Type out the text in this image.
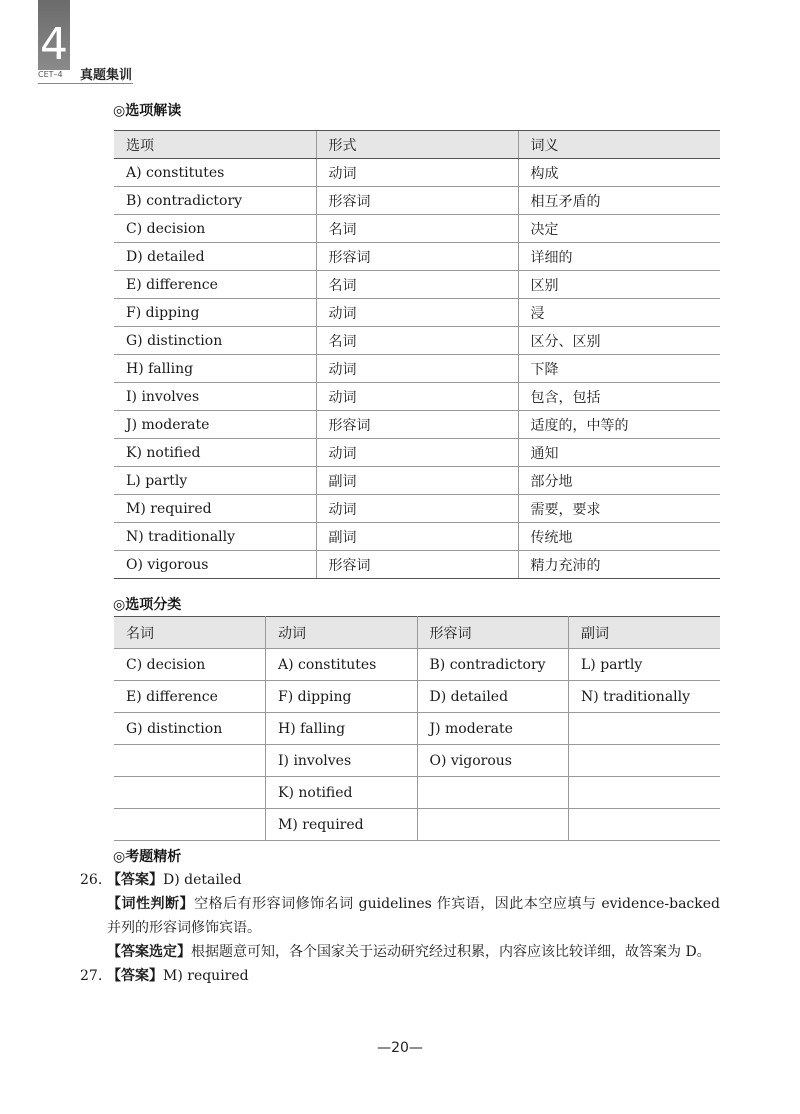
4
CET–4	真题集训
◎选项解读
选项	形式	词义
A) constitutes	动词	构成
B) contradictory	形容词	相互矛盾的
C) decision	名词	决定
D) detailed	形容词	详细的
E) difference	名词	区别
F) dipping	动词	浸
G) distinction	名词	区分、区别
H) falling	动词	下降
I) involves	动词	包含，包括
J) moderate	形容词	适度的，中等的
K) notified	动词	通知
L) partly	副词	部分地
M) required	动词	需要，要求
N) traditionally	副词	传统地
O) vigorous	形容词	精力充沛的
◎选项分类
名词	动词	形容词	副词
C) decision	A) constitutes	B) contradictory	L) partly
E) difference	F) dipping	D) detailed	N) traditionally
G) distinction	H) falling	J) moderate	
	I) involves	O) vigorous	
	K) notified		
	M) required		
◎考题精析
26. 【答案】D) detailed
【词性判断】空格后有形容词修饰名词 guidelines 作宾语，因此本空应填与 evidence-backed 并列的形容词修饰宾语。
【答案选定】根据题意可知，各个国家关于运动研究经过积累，内容应该比较详细，故答案为 D。
27. 【答案】M) required
—20—
